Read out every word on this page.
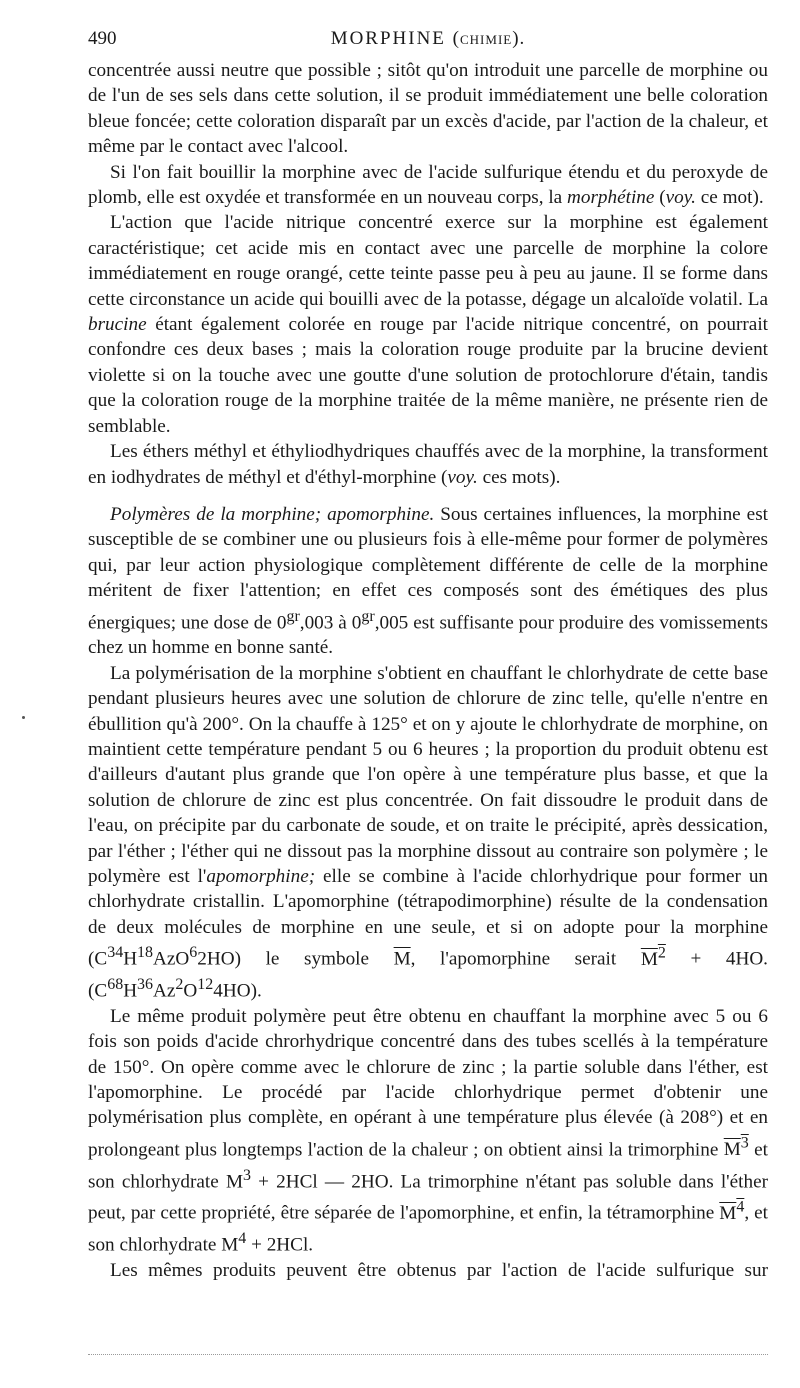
490	MORPHINE (chimie).

concentrée aussi neutre que possible ; sitôt qu'on introduit une parcelle de morphine ou de l'un de ses sels dans cette solution, il se produit immédiatement une belle coloration bleue foncée; cette coloration disparaît par un excès d'acide, par l'action de la chaleur, et même par le contact avec l'alcool.

Si l'on fait bouillir la morphine avec de l'acide sulfurique étendu et du peroxyde de plomb, elle est oxydée et transformée en un nouveau corps, la morphétine (voy. ce mot).

L'action que l'acide nitrique concentré exerce sur la morphine est également caractéristique; cet acide mis en contact avec une parcelle de morphine la colore immédiatement en rouge orangé, cette teinte passe peu à peu au jaune. Il se forme dans cette circonstance un acide qui bouilli avec de la potasse, dégage un alcaloïde volatil. La brucine étant également colorée en rouge par l'acide nitrique concentré, on pourrait confondre ces deux bases ; mais la coloration rouge produite par la brucine devient violette si on la touche avec une goutte d'une solution de protochlorure d'étain, tandis que la coloration rouge de la morphine traitée de la même manière, ne présente rien de semblable.

Les éthers méthyl et éthyliodhydriques chauffés avec de la morphine, la transforment en iodhydrates de méthyl et d'éthyl-morphine (voy. ces mots).

Polymères de la morphine; apomorphine. Sous certaines influences, la morphine est susceptible de se combiner une ou plusieurs fois à elle-même pour former de polymères qui, par leur action physiologique complètement différente de celle de la morphine méritent de fixer l'attention; en effet ces composés sont des émétiques des plus énergiques; une dose de $0^{gr},003$ à $0^{gr},005$ est suffisante pour produire des vomissements chez un homme en bonne santé.

La polymérisation de la morphine s'obtient en chauffant le chlorhydrate de cette base pendant plusieurs heures avec une solution de chlorure de zinc telle, qu'elle n'entre en ébullition qu'à 200°. On la chauffe à 125° et on y ajoute le chlorhydrate de morphine, on maintient cette température pendant 5 ou 6 heures ; la proportion du produit obtenu est d'ailleurs d'autant plus grande que l'on opère à une température plus basse, et que la solution de chlorure de zinc est plus concentrée. On fait dissoudre le produit dans de l'eau, on précipite par du carbonate de soude, et on traite le précipité, après dessication, par l'éther ; l'éther qui ne dissout pas la morphine dissout au contraire son polymère ; le polymère est l'apomorphine; elle se combine à l'acide chlorhydrique pour former un chlorhydrate cristallin. L'apomorphine (tétrapodimorphine) résulte de la condensation de deux molécules de morphine en une seule, et si on adopte pour la morphine $(C^{34}H^{18}AzO^62HO)$ le symbole $\overline{M}$, l'apomorphine serait $M^2 + 4HO$. $(C^{68}H^{36}Az^2O^{12}4HO)$.

Le même produit polymère peut être obtenu en chauffant la morphine avec 5 ou 6 fois son poids d'acide chrorhydrique concentré dans des tubes scellés à la température de 150°. On opère comme avec le chlorure de zinc ; la partie soluble dans l'éther, est l'apomorphine. Le procédé par l'acide chlorhydrique permet d'obtenir une polymérisation plus complète, en opérant à une température plus élevée (à 208°) et en prolongeant plus longtemps l'action de la chaleur ; on obtient ainsi la trimorphine $M^3$ et son chlorhydrate $M^3 + 2HCl$ — 2HO. La trimorphine n'étant pas soluble dans l'éther peut, par cette propriété, être séparée de l'apomorphine, et enfin, la tétramorphine $M^4$, et son chlorhydrate $M^4 + 2HCl$.

Les mêmes produits peuvent être obtenus par l'action de l'acide sulfurique sur
